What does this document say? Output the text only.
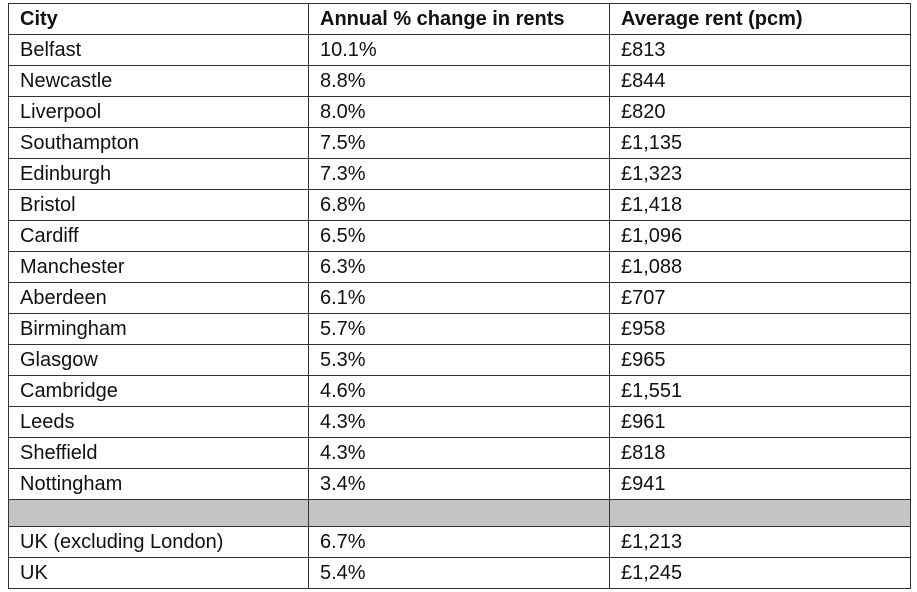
City	Annual % change in rents	Average rent (pcm)
Belfast	10.1%	£813
Newcastle	8.8%	£844
Liverpool	8.0%	£820
Southampton	7.5%	£1,135
Edinburgh	7.3%	£1,323
Bristol	6.8%	£1,418
Cardiff	6.5%	£1,096
Manchester	6.3%	£1,088
Aberdeen	6.1%	£707
Birmingham	5.7%	£958
Glasgow	5.3%	£965
Cambridge	4.6%	£1,551
Leeds	4.3%	£961
Sheffield	4.3%	£818
Nottingham	3.4%	£941

UK (excluding London)	6.7%	£1,213
UK	5.4%	£1,245
